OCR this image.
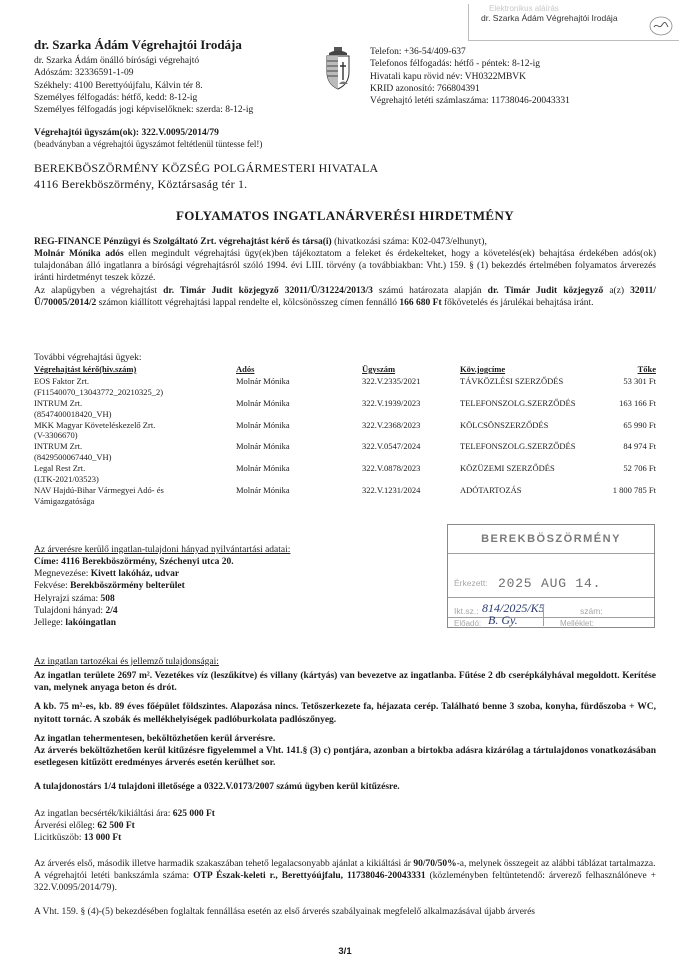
Elektronikus aláírás
dr. Szarka Ádám Végrehajtói Irodája
dr. Szarka Ádám Végrehajtói Irodája
dr. Szarka Ádám önálló bírósági végrehajtó
Adószám: 32336591-1-09
Székhely: 4100 Berettyóújfalu, Kálvin tér 8.
Személyes félfogadás: hétfő, kedd: 8-12-ig
Személyes félfogadás jogi képviselőknek: szerda: 8-12-ig
Telefon: +36-54/409-637
Telefonos félfogadás: hétfő - péntek: 8-12-ig
Hivatali kapu rövid név: VH0322MBVK
KRID azonosító: 766804391
Végrehajtó letéti számlaszáma: 11738046-20043331
Végrehajtói ügyszám(ok): 322.V.0095/2014/79
(beadványban a végrehajtói ügyszámot feltétlenül tüntesse fel!)
BEREKBÖSZÖRMÉNY KÖZSÉG POLGÁRMESTERI HIVATALA
4116 Berekböszörmény, Köztársaság tér 1.
FOLYAMATOS INGATLANÁRVERÉSI HIRDETMÉNY
REG-FINANCE Pénzügyi és Szolgáltató Zrt. végrehajtást kérő és társa(i) (hivatkozási száma: K02-0473/elhunyt),
Molnár Mónika adós ellen megindult végrehajtási ügy(ek)ben tájékoztatom a feleket és érdekelteket, hogy a követelés(ek) behajtása érdekében adós(ok) tulajdonában álló ingatlanra a bírósági végrehajtásról szóló 1994. évi LIII. törvény (a továbbiakban: Vht.) 159. § (1) bekezdés értelmében folyamatos árverezés iránti hirdetményt teszek közzé.
Az alapügyben a végrehajtást dr. Timár Judit közjegyző 32011/Ü/31224/2013/3 számú határozata alapján dr. Timár Judit közjegyző a(z) 32011/Ü/70005/2014/2 számon kiállított végrehajtási lappal rendelte el, kölcsönösszeg címen fennálló 166 680 Ft főkövetelés és járulékai behajtása iránt.
További végrehajtási ügyek:
Végrehajtást kérő(hiv.szám)	Adós	Ügyszám	Köv.jogcíme	Tőke

EOS Faktor Zrt.
(F11540070_13043772_20210325_2)	Molnár Mónika	322.V.2335/2021	TÁVKÖZLÉSI SZERZŐDÉS	53 301 Ft

INTRUM Zrt.
(8547400018420_VH)	Molnár Mónika	322.V.1939/2023	TELEFONSZOLG.SZERZŐDÉS	163 166 Ft

MKK Magyar Követeléskezelő Zrt.
(V-3306670)	Molnár Mónika	322.V.2368/2023	KÖLCSÖNSZERZŐDÉS	65 990 Ft

INTRUM Zrt.
(8429500067440_VH)	Molnár Mónika	322.V.0547/2024	TELEFONSZOLG.SZERZŐDÉS	84 974 Ft

Legal Rest Zrt.
(LTK-2021/03523)	Molnár Mónika	322.V.0878/2023	KÖZÜZEMI SZERZŐDÉS	52 706 Ft

NAV Hajdú-Bihar Vármegyei Adó- és
Vámigazgatósága	Molnár Mónika	322.V.1231/2024	ADÓTARTOZÁS	1 800 785 Ft
Az árverésre kerülő ingatlan-tulajdoni hányad nyilvántartási adatai:
Címe: 4116 Berekböszörmény, Széchenyi utca 20.
Megnevezése: Kivett lakóház, udvar
Fekvése: Berekböszörmény belterület
Helyrajzi száma: 508
Tulajdoni hányad: 2/4
Jellege: lakóingatlan
BEREKBÖSZÖRMÉNY
Érkezett: 2025 AUG 14.
Ikt.sz.: 814/2025/K5	szám:
Előadó: B. Gy.	Melléklet:
Az ingatlan tartozékai és jellemző tulajdonságai:
Az ingatlan területe 2697 m². Vezetékes víz (leszűkítve) és villany (kártyás) van bevezetve az ingatlanba. Fűtése 2 db cserépkályhával megoldott. Kerítése van, melynek anyaga beton és drót.
A kb. 75 m²-es, kb. 89 éves főépület földszintes. Alapozása nincs. Tetőszerkezete fa, héjazata cerép. Található benne 3 szoba, konyha, fürdőszoba + WC, nyitott tornác. A szobák és mellékhelyiségek padlóburkolata padlószőnyeg.
Az ingatlan tehermentesen, beköltözhetően kerül árverésre.
Az árverés beköltözhetően kerül kitűzésre figyelemmel a Vht. 141.§ (3) c) pontjára, azonban a birtokba adásra kizárólag a tártulajdonos vonatkozásában esetlegesen kitűzött eredményes árverés esetén kerülhet sor.
A tulajdonostárs 1/4 tulajdoni illetősége a 0322.V.0173/2007 számú ügyben kerül kitűzésre.
Az ingatlan becsérték/kikiáltási ára: 625 000 Ft
Árverési előleg: 62 500 Ft
Licitküszöb: 13 000 Ft
Az árverés első, második illetve harmadik szakaszában tehető legalacsonyabb ajánlat a kikiáltási ár 90/70/50%-a, melynek összegeit az alábbi táblázat tartalmazza.
A végrehajtói letéti bankszámla száma: OTP Észak-keleti r., Berettyóújfalu, 11738046-20043331 (közleményben feltüntetendő: árverező felhasználóneve + 322.V.0095/2014/79).
A Vht. 159. § (4)-(5) bekezdésében foglaltak fennállása esetén az első árverés szabályainak megfelelő alkalmazásával újabb árverés
3/1
